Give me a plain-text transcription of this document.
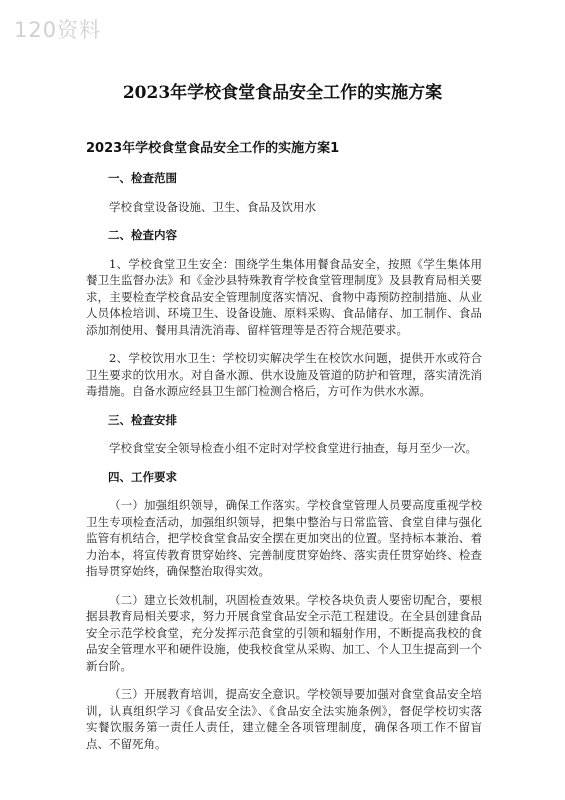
120资料
2023年学校食堂食品安全工作的实施方案
2023年学校食堂食品安全工作的实施方案1
一、检查范围
学校食堂设备设施、卫生、食品及饮用水
二、检查内容
1、学校食堂卫生安全：围绕学生集体用餐食品安全，按照《学生集体用餐卫生监督办法》和《金沙县特殊教育学校食堂管理制度》及县教育局相关要求，主要检查学校食品安全管理制度落实情况、食物中毒预防控制措施、从业人员体检培训、环境卫生、设备设施、原料采购、食品储存、加工制作、食品添加剂使用、餐用具清洗消毒、留样管理等是否符合规范要求。
2、学校饮用水卫生：学校切实解决学生在校饮水问题，提供开水或符合卫生要求的饮用水。对自备水源、供水设施及管道的防护和管理，落实清洗消毒措施。自备水源应经县卫生部门检测合格后，方可作为供水水源。
三、检查安排
学校食堂安全领导检查小组不定时对学校食堂进行抽查，每月至少一次。
四、工作要求
（一）加强组织领导，确保工作落实。学校食堂管理人员要高度重视学校卫生专项检查活动，加强组织领导，把集中整治与日常监管、食堂自律与强化监管有机结合，把学校食堂食品安全摆在更加突出的位置。坚持标本兼治、着力治本，将宣传教育贯穿始终、完善制度贯穿始终、落实责任贯穿始终、检查指导贯穿始终，确保整治取得实效。
（二）建立长效机制，巩固检查效果。学校各块负责人要密切配合，要根据县教育局相关要求，努力开展食堂食品安全示范工程建设。在全县创建食品安全示范学校食堂，充分发挥示范食堂的引领和辐射作用，不断提高我校的食品安全管理水平和硬件设施，使我校食堂从采购、加工、个人卫生提高到一个新台阶。
（三）开展教育培训，提高安全意识。学校领导要加强对食堂食品安全培训，认真组织学习《食品安全法》、《食品安全法实施条例》，督促学校切实落实餐饮服务第一责任人责任，建立健全各项管理制度，确保各项工作不留盲点、不留死角。
